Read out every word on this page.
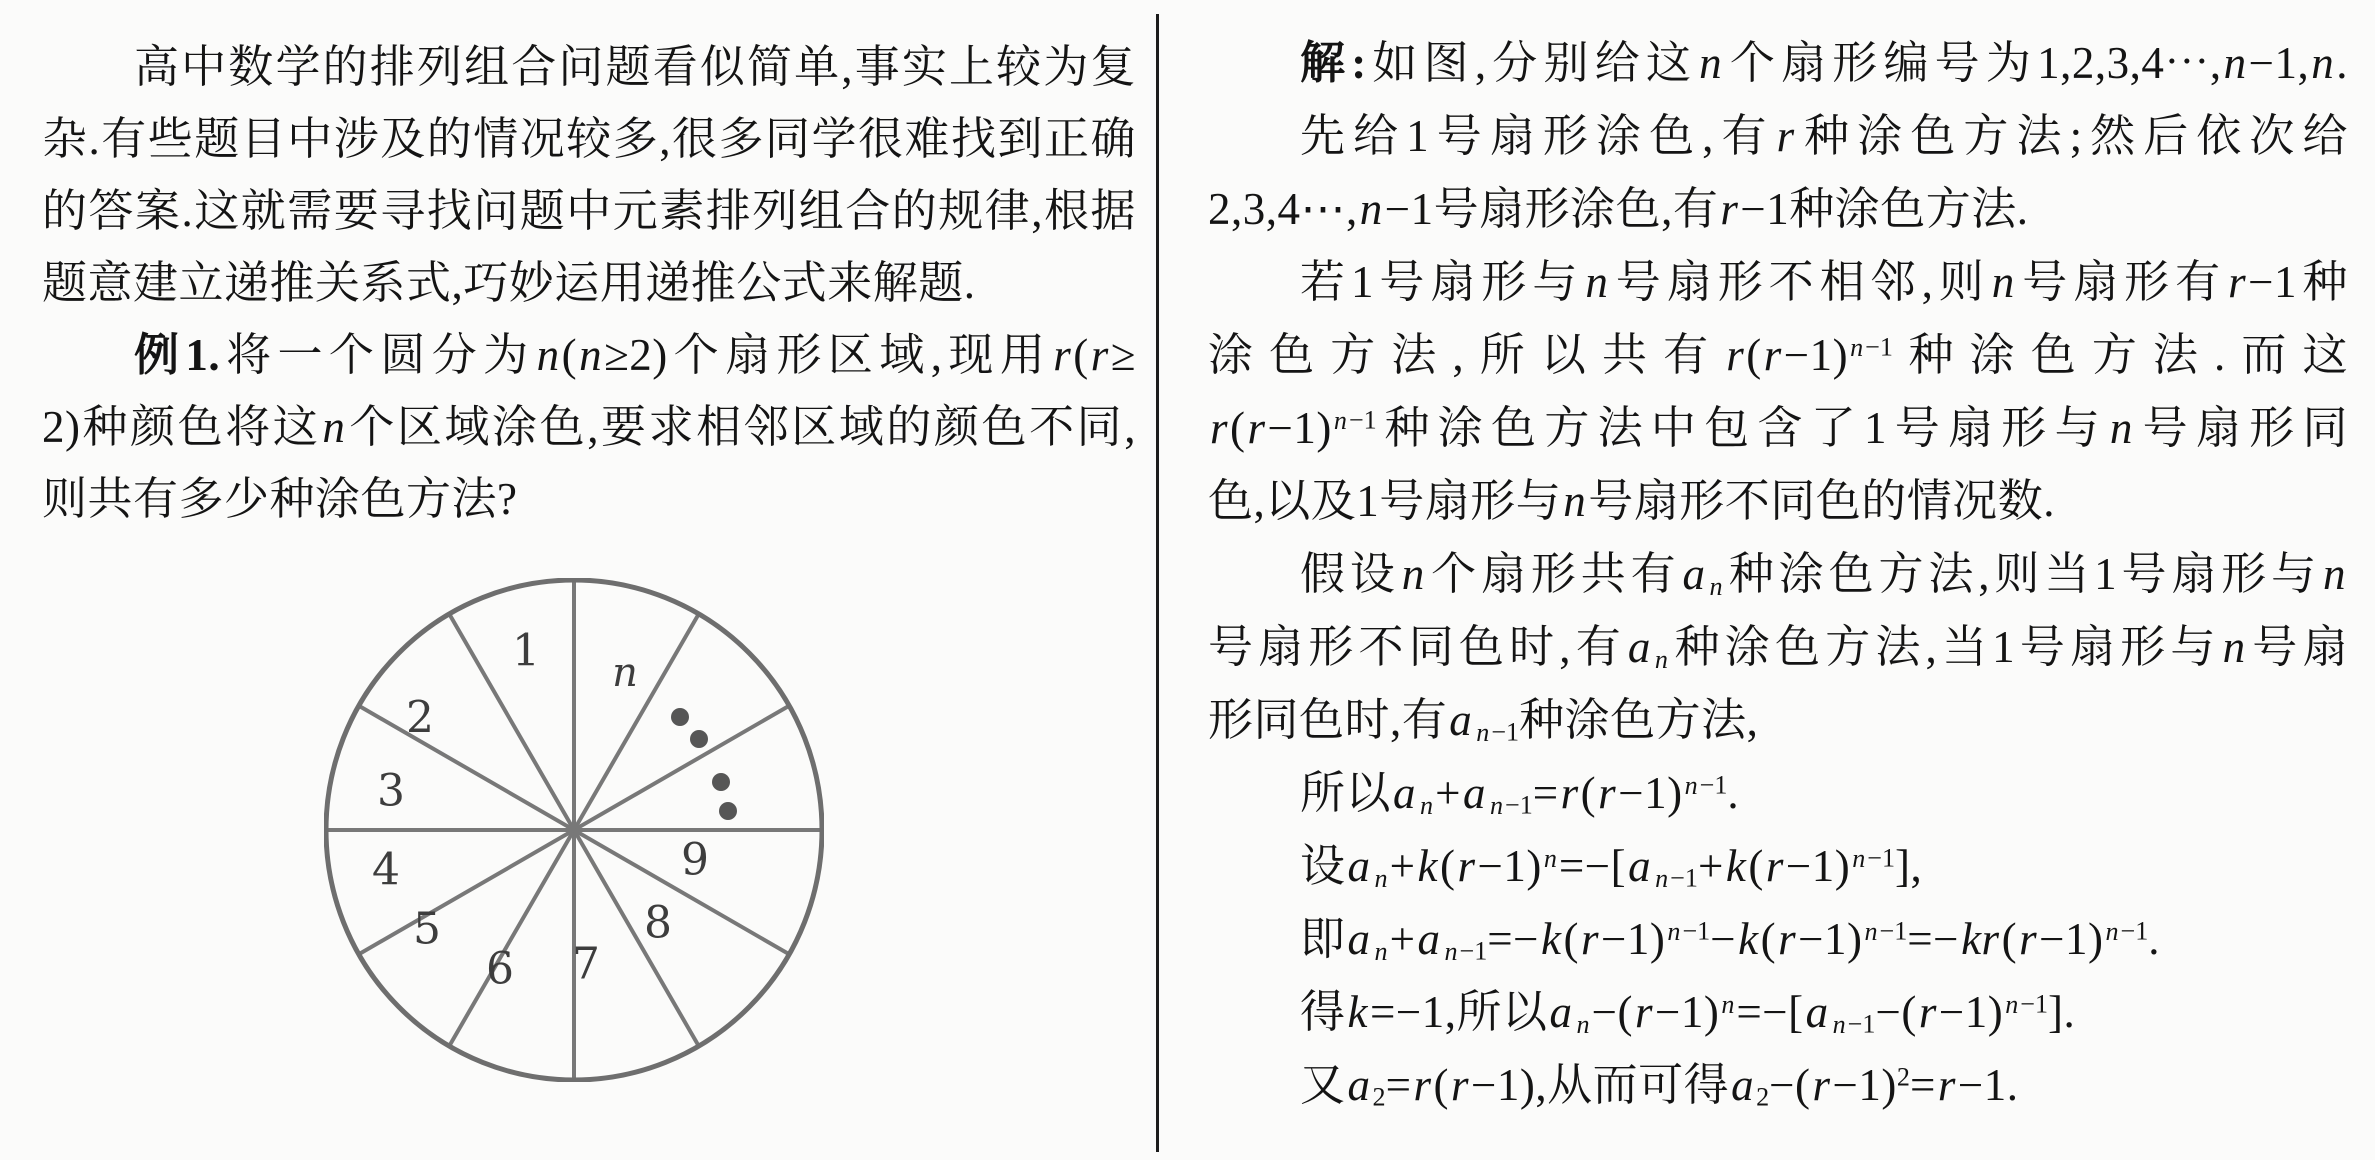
高中数学的排列组合问题看似简单,事实上较为复
杂.有些题目中涉及的情况较多,很多同学很难找到正确
的答案.这就需要寻找问题中元素排列组合的规律,根据
题意建立递推关系式,巧妙运用递推公式来解题.
例1.将一个圆分为n(n≥2)个扇形区域,现用r(r≥
2)种颜色将这n个区域涂色,要求相邻区域的颜色不同,
则共有多少种涂色方法?
1
2
3
4
5
6 7
8
9
n
解:如图,分别给这n个扇形编号为1,2,3,4⋯,n−1,n.
先给1号扇形涂色,有r种涂色方法;然后依次给
2,3,4⋯,n−1号扇形涂色,有r−1种涂色方法.
若1号扇形与n号扇形不相邻,则n号扇形有r−1种
涂色方法,所以共有$r(r-1)^{n-1}$种涂色方法.而这
$r(r-1)^{n-1}$种涂色方法中包含了1号扇形与n号扇形同
色,以及1号扇形与n号扇形不同色的情况数.
假设n个扇形共有a $_n$种涂色方法,则当1号扇形与n
号扇形不同色时,有a $_n$种涂色方法,当1号扇形与n号扇
形同色时,有a $_{n-1}$种涂色方法,
所以a $_n$+a $_{n-1}=r(r-1)^{n-1}$.
设a $_n+k(r-1)^n=-[a$ $_{n-1}+k(r-1)^{n-1}$],
即a $_n$+a $_{n-1}=-k(r-1)^{n-1}-k(r-1)^{n-1}=-kr(r-1)^{n-1}$.
得k=−1,所以a $_n-(r-1)^n=-[a$ $_{n-1}-(r-1)^{n-1}$].
又$a_2=r(r-1)$,从而可得$a_2-(r-1)^2=r-1$.
